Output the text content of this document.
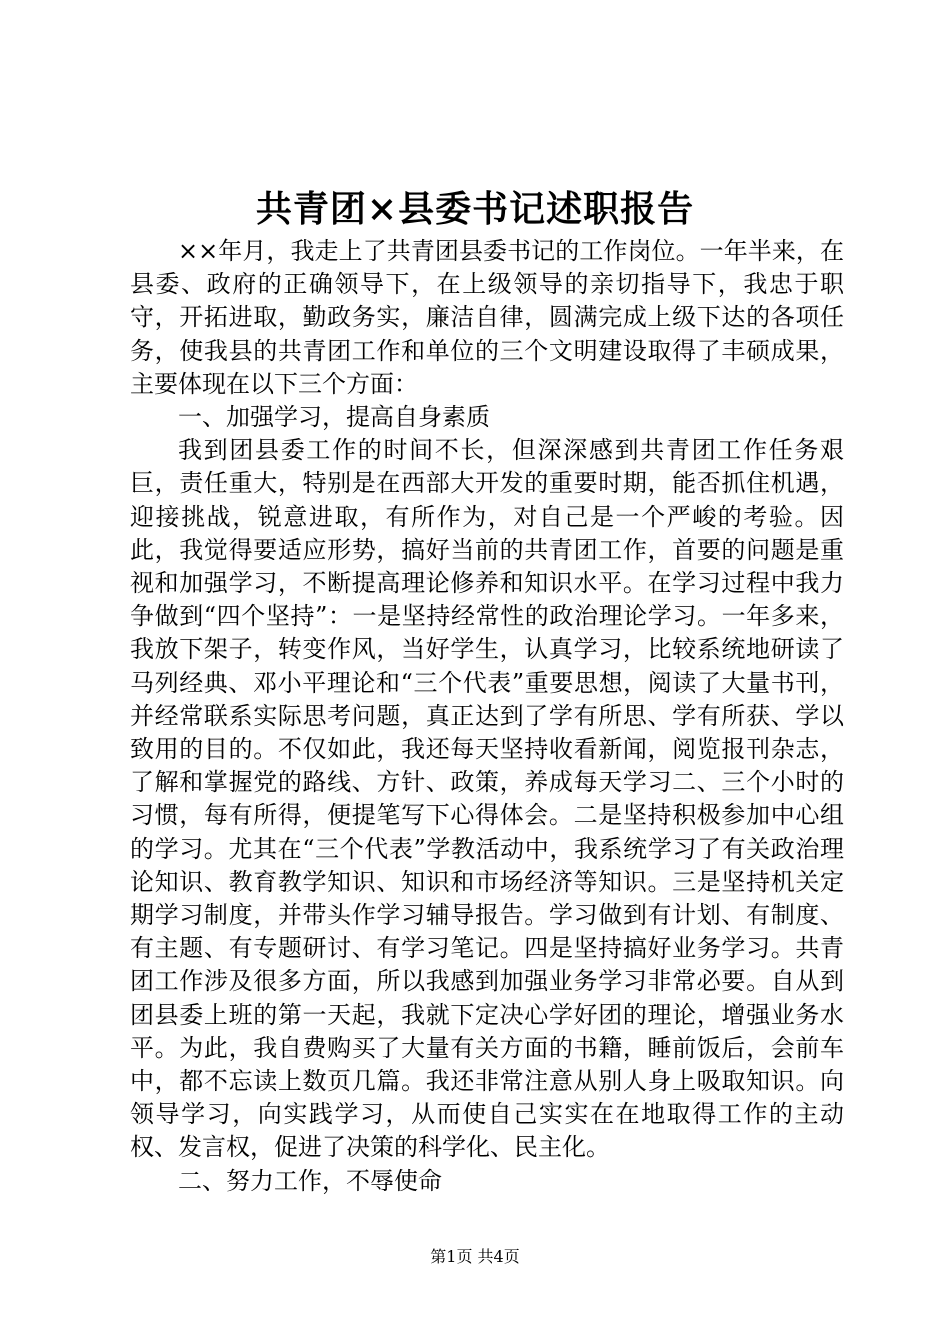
共青团×县委书记述职报告

××年月，我走上了共青团县委书记的工作岗位。一年半来，在县委、政府的正确领导下，在上级领导的亲切指导下，我忠于职守，开拓进取，勤政务实，廉洁自律，圆满完成上级下达的各项任务，使我县的共青团工作和单位的三个文明建设取得了丰硕成果，主要体现在以下三个方面：

一、加强学习，提高自身素质

我到团县委工作的时间不长，但深深感到共青团工作任务艰巨，责任重大，特别是在西部大开发的重要时期，能否抓住机遇，迎接挑战，锐意进取，有所作为，对自己是一个严峻的考验。因此，我觉得要适应形势，搞好当前的共青团工作，首要的问题是重视和加强学习，不断提高理论修养和知识水平。在学习过程中我力争做到“四个坚持”：一是坚持经常性的政治理论学习。一年多来，我放下架子，转变作风，当好学生，认真学习，比较系统地研读了马列经典、邓小平理论和“三个代表”重要思想，阅读了大量书刊，并经常联系实际思考问题，真正达到了学有所思、学有所获、学以致用的目的。不仅如此，我还每天坚持收看新闻，阅览报刊杂志，了解和掌握党的路线、方针、政策，养成每天学习二、三个小时的习惯，每有所得，便提笔写下心得体会。二是坚持积极参加中心组的学习。尤其在“三个代表”学教活动中，我系统学习了有关政治理论知识、教育教学知识、知识和市场经济等知识。三是坚持机关定期学习制度，并带头作学习辅导报告。学习做到有计划、有制度、有主题、有专题研讨、有学习笔记。四是坚持搞好业务学习。共青团工作涉及很多方面，所以我感到加强业务学习非常必要。自从到团县委上班的第一天起，我就下定决心学好团的理论，增强业务水平。为此，我自费购买了大量有关方面的书籍，睡前饭后，会前车中，都不忘读上数页几篇。我还非常注意从别人身上吸取知识。向领导学习，向实践学习，从而使自己实实在在地取得工作的主动权、发言权，促进了决策的科学化、民主化。

二、努力工作，不辱使命

第1页 共4页
